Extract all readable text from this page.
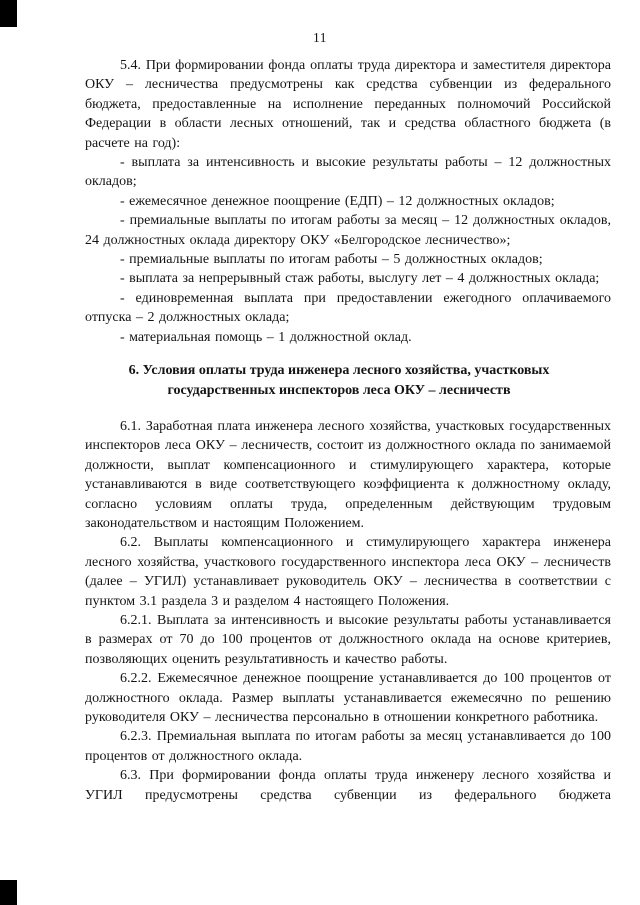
11

5.4. При формировании фонда оплаты труда директора и заместителя директора ОКУ – лесничества предусмотрены как средства субвенции из федерального бюджета, предоставленные на исполнение переданных полномочий Российской Федерации в области лесных отношений, так и средства областного бюджета (в расчете на год):

- выплата за интенсивность и высокие результаты работы – 12 должностных окладов;

- ежемесячное денежное поощрение (ЕДП) – 12 должностных окладов;

- премиальные выплаты по итогам работы за месяц – 12 должностных окладов, 24 должностных оклада директору ОКУ «Белгородское лесничество»;

- премиальные выплаты по итогам работы – 5 должностных окладов;

- выплата за непрерывный стаж работы, выслугу лет – 4 должностных оклада;

- единовременная выплата при предоставлении ежегодного оплачиваемого отпуска – 2 должностных оклада;

- материальная помощь – 1 должностной оклад.

6. Условия оплаты труда инженера лесного хозяйства, участковых государственных инспекторов леса ОКУ – лесничеств

6.1. Заработная плата инженера лесного хозяйства, участковых государственных инспекторов леса ОКУ – лесничеств, состоит из должностного оклада по занимаемой должности, выплат компенсационного и стимулирующего характера, которые устанавливаются в виде соответствующего коэффициента к должностному окладу, согласно условиям оплаты труда, определенным действующим трудовым законодательством и настоящим Положением.

6.2. Выплаты компенсационного и стимулирующего характера инженера лесного хозяйства, участкового государственного инспектора леса ОКУ – лесничеств (далее – УГИЛ) устанавливает руководитель ОКУ – лесничества в соответствии с пунктом 3.1 раздела 3 и разделом 4 настоящего Положения.

6.2.1. Выплата за интенсивность и высокие результаты работы устанавливается в размерах от 70 до 100 процентов от должностного оклада на основе критериев, позволяющих оценить результативность и качество работы.

6.2.2. Ежемесячное денежное поощрение устанавливается до 100 процентов от должностного оклада. Размер выплаты устанавливается ежемесячно по решению руководителя ОКУ – лесничества персонально в отношении конкретного работника.

6.2.3. Премиальная выплата по итогам работы за месяц устанавливается до 100 процентов от должностного оклада.

6.3. При формировании фонда оплаты труда инженеру лесного хозяйства и УГИЛ предусмотрены средства субвенции из федерального бюджета
